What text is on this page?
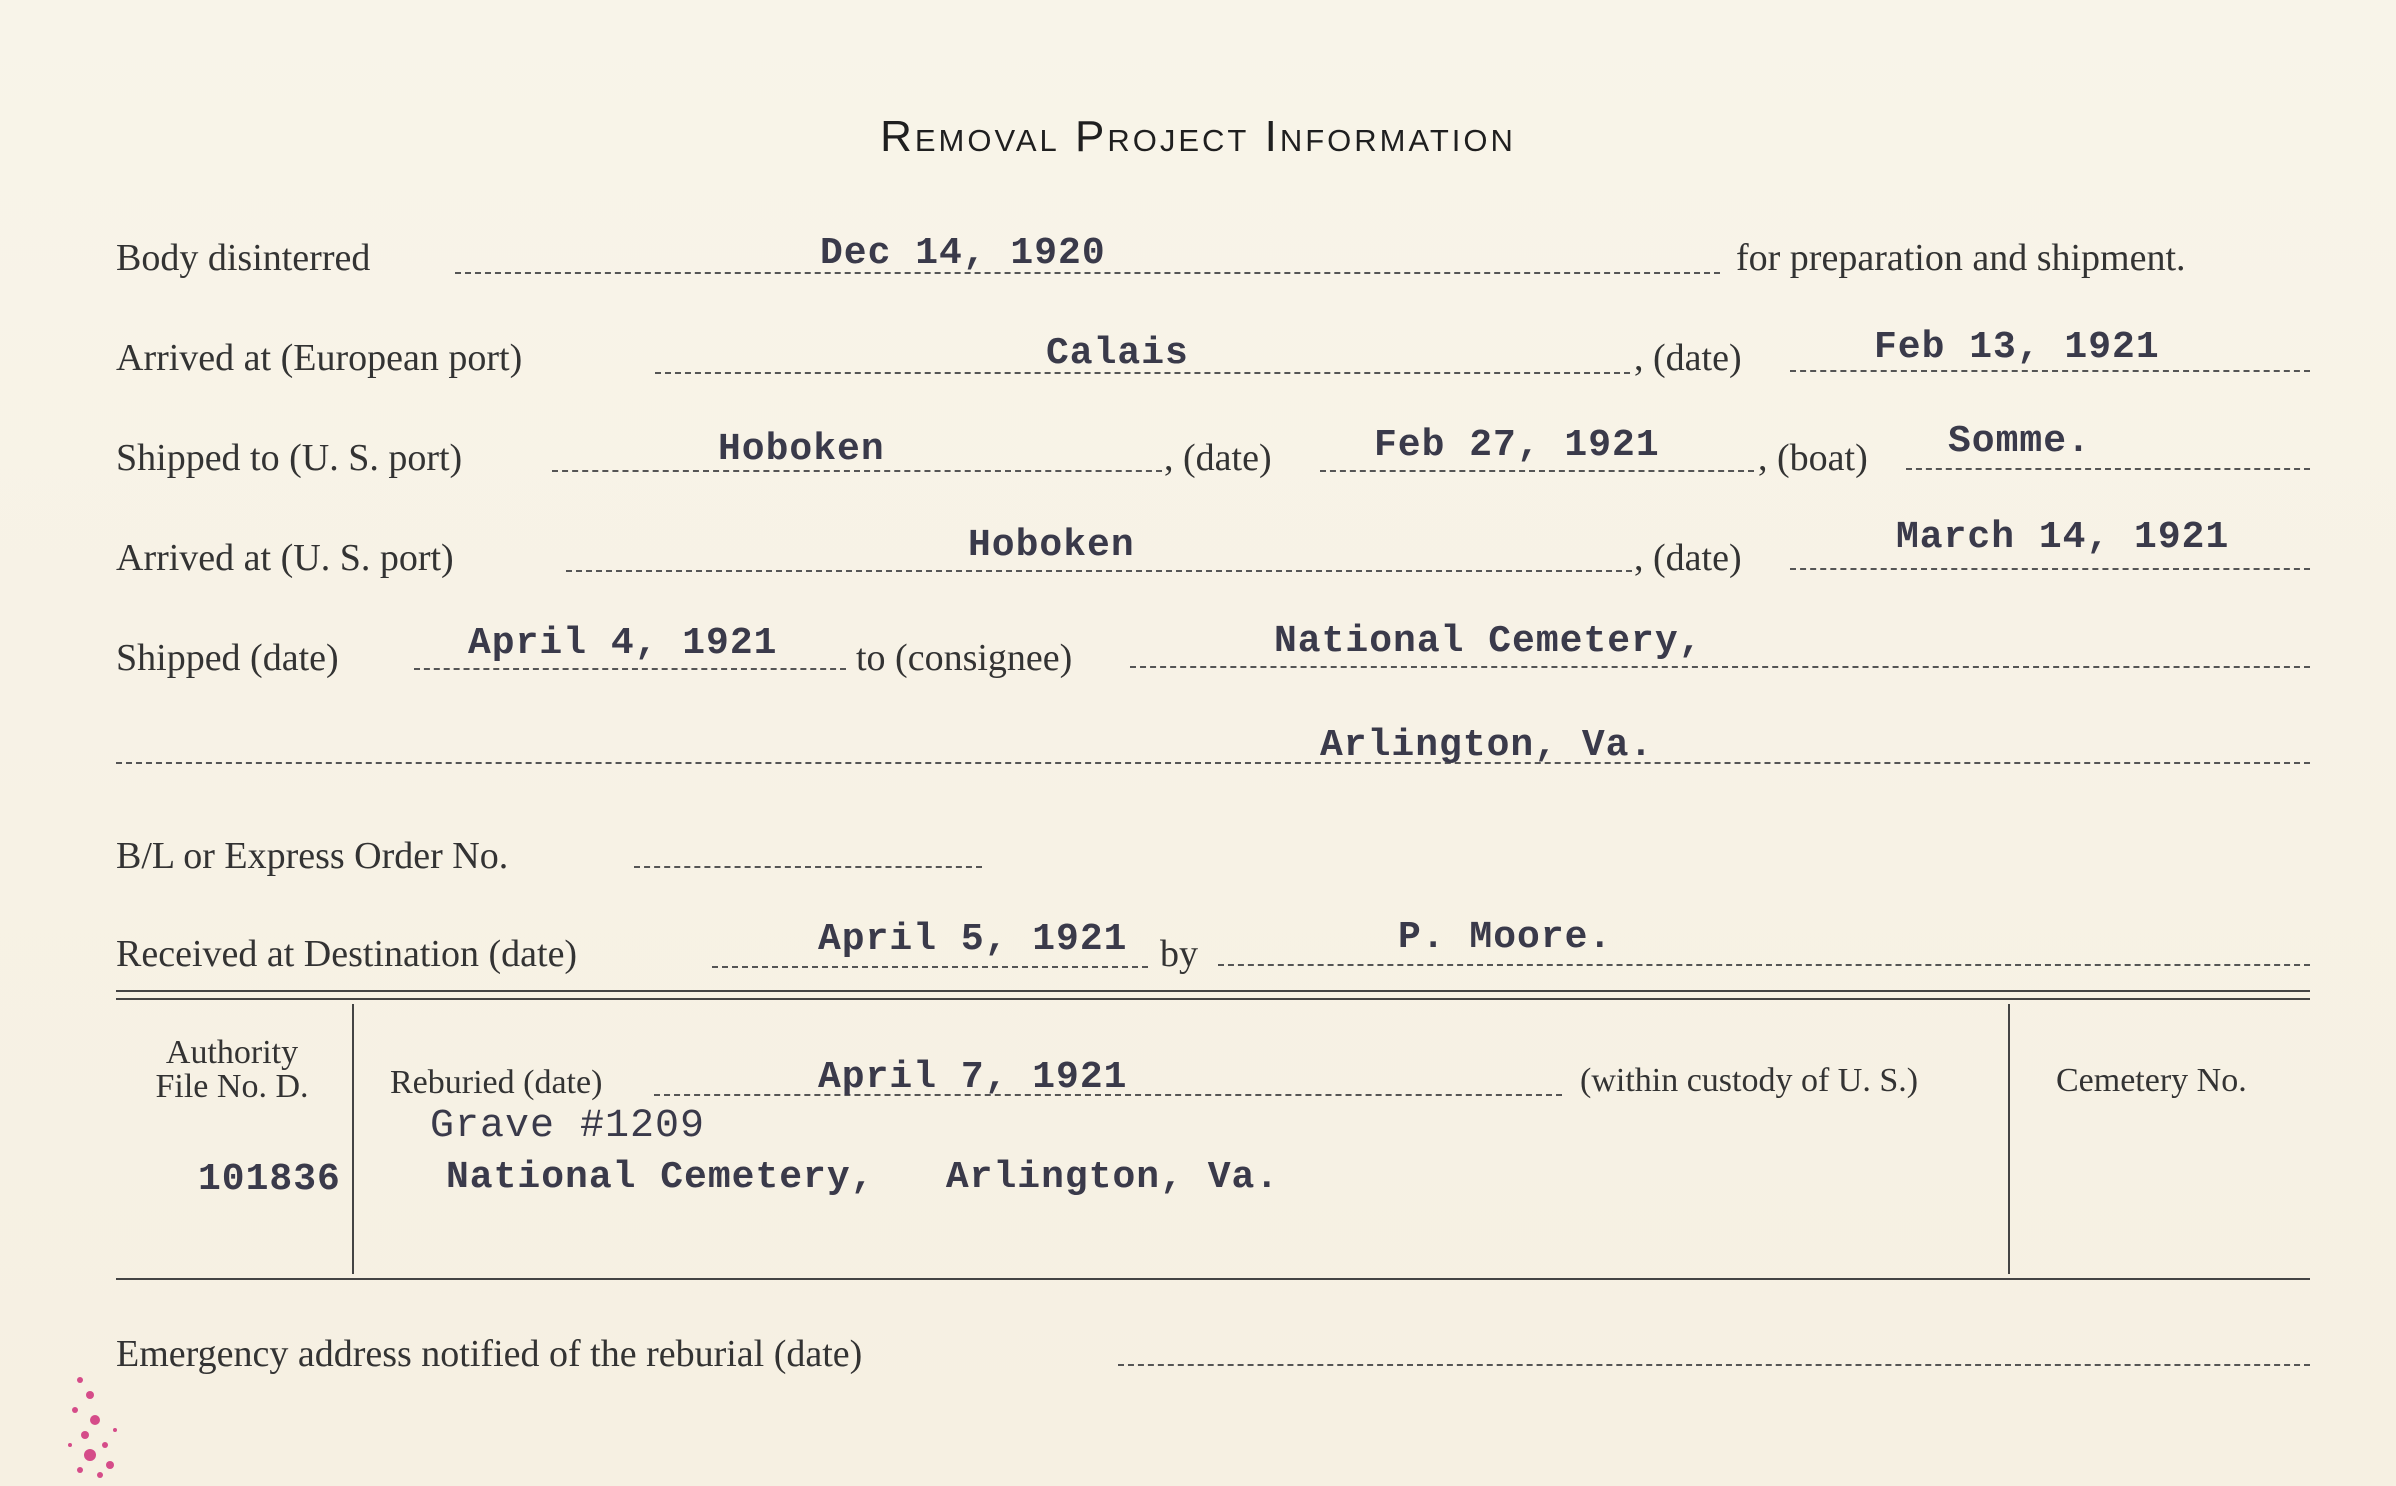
Removal Project Information
Body disinterred	Dec 14, 1920	for preparation and shipment.
Arrived at (European port)	Calais	, (date)	Feb 13, 1921
Shipped to (U. S. port)	Hoboken	, (date)	Feb 27, 1921	, (boat) Somme.
Arrived at (U. S. port)	Hoboken	, (date)	March 14, 1921
Shipped (date)	April 4, 1921 to (consignee)	National Cemetery,
Arlington, Va.
B/L or Express Order No.
Received at Destination (date)	April 5, 1921 by	P. Moore.
Authority
File No. D.
101836
Reburied (date)	April 7, 1921	(within custody of U. S.)	Cemetery No.
Grave #1209
National Cemetery,   Arlington, Va.
Emergency address notified of the reburial (date)
